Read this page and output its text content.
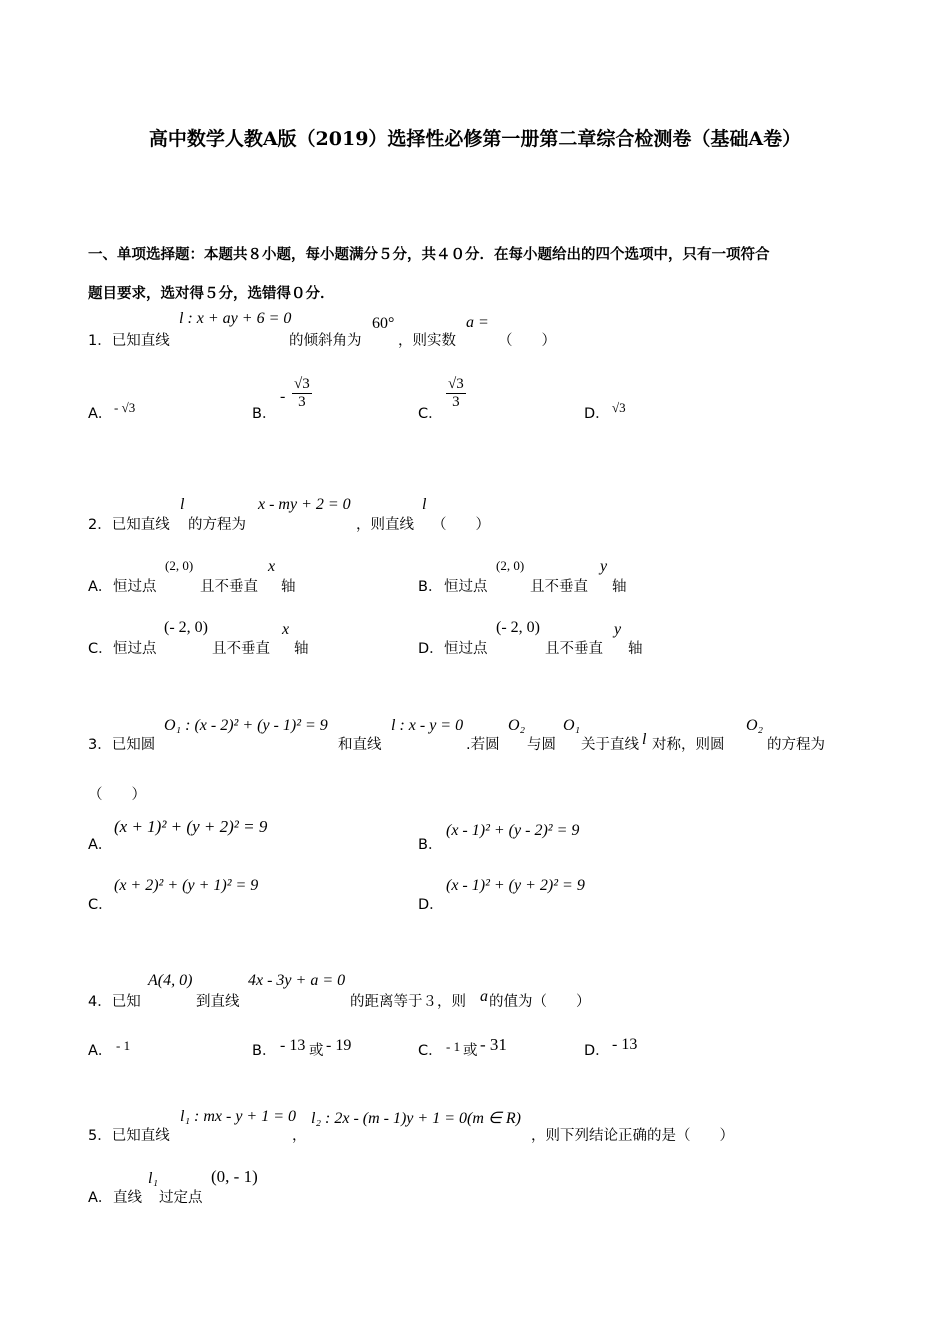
高中数学人教A版（2019）选择性必修第一册第二章综合检测卷（基础A卷）
一、单项选择题：本题共８小题，每小题满分５分，共４０分．在每小题给出的四个选项中，只有一项符合
题目要求，选对得５分，选错得０分．
1．已知直线
l : x + ay + 6 = 0
的倾斜角为
60°
，则实数
a =
（　　）
A． - √3	B．
- $\frac{√3}{3}$
C．
$\frac{√3}{3}$
D． √3
2．已知直线
l
的方程为
x - my + 2 = 0
，则直线
l
（　　）
A． 恒过点
(2, 0)
且不垂直
x
轴	B． 恒过点
(2, 0)
且不垂直
y
轴
C． 恒过点
(- 2, 0)
且不垂直
x
轴	D． 恒过点
(- 2, 0)
且不垂直
y
轴
3．已知圆
O₁ : (x - 2)² + (y - 1)² = 9
和直线
l : x - y = 0
.若圆
O₂
与圆
O₁
关于直线 l 对称，则圆
O₂
的方程为
（　　）
A．
(x + 1)² + (y + 2)² = 9
B．
(x - 1)² + (y - 2)² = 9
C．
(x + 2)² + (y + 1)² = 9
D．
(x - 1)² + (y + 2)² = 9
4．已知
A(4, 0)
到直线
4x - 3y + a = 0
的距离等于３，则 a 的值为（　　）
A． - 1	B． - 13 或 - 19	C． - 1 或 - 31	D． - 13
5．已知直线
l₁ : mx - y + 1 = 0
，
l₂ : 2x - (m - 1)y + 1 = 0(m ∈ R)
，则下列结论正确的是（　　）
A． 直线
l₁
过定点
(0, - 1)
